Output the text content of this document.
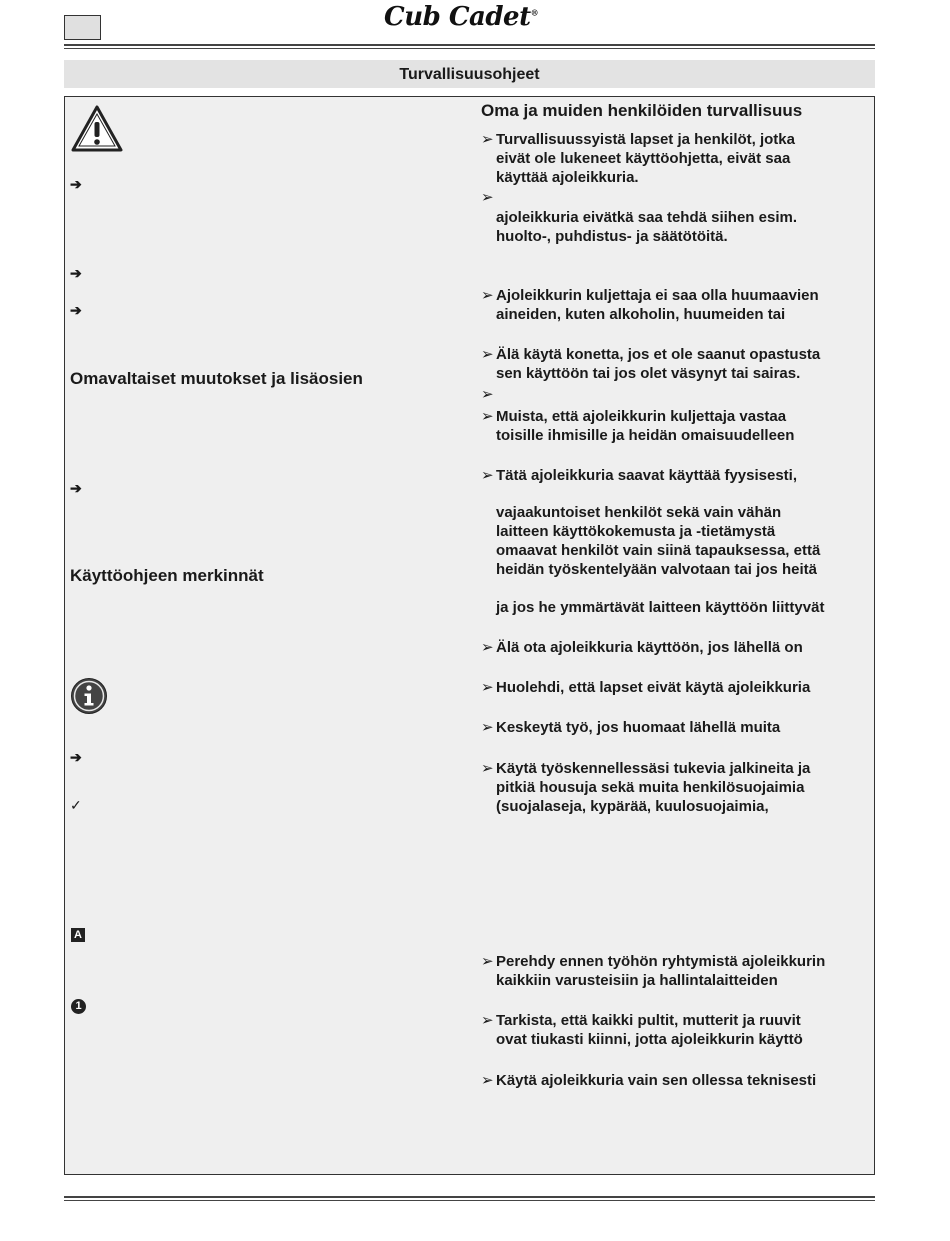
Cub Cadet®
Turvallisuusohjeet
➔
➔
➔
Omavaltaiset muutokset ja lisäosien
➔
Käyttöohjeen merkinnät
➔
✓
A
1
Oma ja muiden henkilöiden turvallisuus
➢ Turvallisuussyistä lapset ja henkilöt, jotka
eivät ole lukeneet käyttöohjetta, eivät saa
käyttää ajoleikkuria.
➢
ajoleikkuria eivätkä saa tehdä siihen esim.
huolto-, puhdistus- ja säätötöitä.
➢ Ajoleikkurin kuljettaja ei saa olla huumaavien
aineiden, kuten alkoholin, huumeiden tai
➢ Älä käytä konetta, jos et ole saanut opastusta
sen käyttöön tai jos olet väsynyt tai sairas.
➢
➢ Muista, että ajoleikkurin kuljettaja vastaa
toisille ihmisille ja heidän omaisuudelleen
➢ Tätä ajoleikkuria saavat käyttää fyysisesti,
vajaakuntoiset henkilöt sekä vain vähän
laitteen käyttökokemusta ja -tietämystä
omaavat henkilöt vain siinä tapauksessa, että
heidän työskentelyään valvotaan tai jos heitä
ja jos he ymmärtävät laitteen käyttöön liittyvät
➢ Älä ota ajoleikkuria käyttöön, jos lähellä on
➢ Huolehdi, että lapset eivät käytä ajoleikkuria
➢ Keskeytä työ, jos huomaat lähellä muita
➢ Käytä työskennellessäsi tukevia jalkineita ja
pitkiä housuja sekä muita henkilösuojaimia
(suojalaseja, kypärää, kuulosuojaimia,
➢ Perehdy ennen työhön ryhtymistä ajoleikkurin
kaikkiin varusteisiin ja hallintalaitteiden
➢ Tarkista, että kaikki pultit, mutterit ja ruuvit
ovat tiukasti kiinni, jotta ajoleikkurin käyttö
➢ Käytä ajoleikkuria vain sen ollessa teknisesti
